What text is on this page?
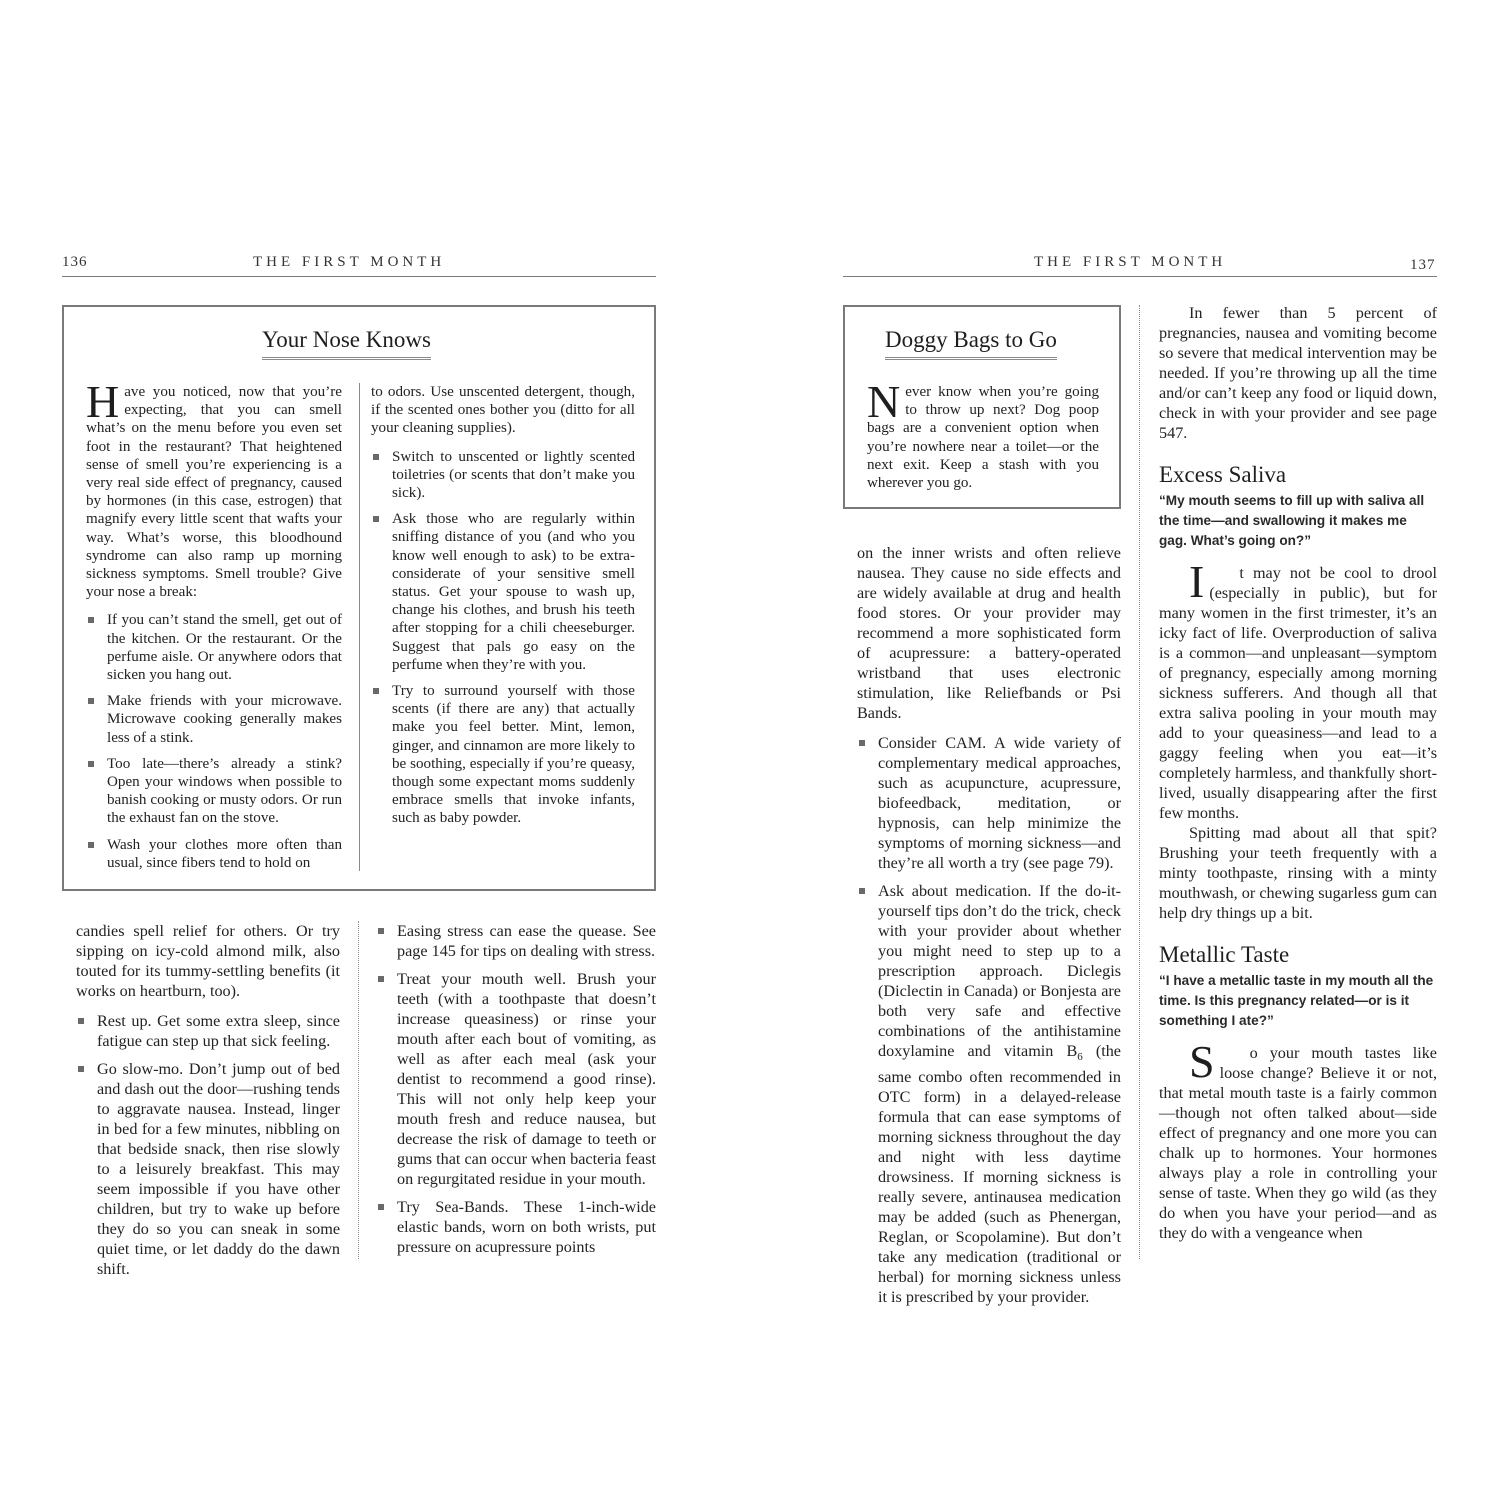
136	THE FIRST MONTH
Your Nose Knows

Have you noticed, now that you’re expecting, that you can smell what’s on the menu before you even set foot in the restaurant? That heightened sense of smell you’re experiencing is a very real side effect of pregnancy, caused by hormones (in this case, estrogen) that magnify every little scent that wafts your way. What’s worse, this bloodhound syndrome can also ramp up morning sickness symptoms. Smell trouble? Give your nose a break:

If you can’t stand the smell, get out of the kitchen. Or the restaurant. Or the perfume aisle. Or anywhere odors that sicken you hang out.
Make friends with your microwave. Microwave cooking generally makes less of a stink.
Too late—there’s already a stink? Open your windows when possible to banish cooking or musty odors. Or run the exhaust fan on the stove.
Wash your clothes more often than usual, since fibers tend to hold on

to odors. Use unscented detergent, though, if the scented ones bother you (ditto for all your cleaning supplies).

Switch to unscented or lightly scented toiletries (or scents that don’t make you sick).
Ask those who are regularly within sniffing distance of you (and who you know well enough to ask) to be extra-considerate of your sensitive smell status. Get your spouse to wash up, change his clothes, and brush his teeth after stopping for a chili cheeseburger. Suggest that pals go easy on the perfume when they’re with you.
Try to surround yourself with those scents (if there are any) that actually make you feel better. Mint, lemon, ginger, and cinnamon are more likely to be soothing, especially if you’re queasy, though some expectant moms suddenly embrace smells that invoke infants, such as baby powder.

candies spell relief for others. Or try sipping on icy-cold almond milk, also touted for its tummy-settling benefits (it works on heartburn, too).

Rest up. Get some extra sleep, since fatigue can step up that sick feeling.
Go slow-mo. Don’t jump out of bed and dash out the door—rushing tends to aggravate nausea. Instead, linger in bed for a few minutes, nibbling on that bedside snack, then rise slowly to a leisurely breakfast. This may seem impossible if you have other children, but try to wake up before they do so you can sneak in some quiet time, or let daddy do the dawn shift.
Easing stress can ease the quease. See page 145 for tips on dealing with stress.
Treat your mouth well. Brush your teeth (with a toothpaste that doesn’t increase queasiness) or rinse your mouth after each bout of vomiting, as well as after each meal (ask your dentist to recommend a good rinse). This will not only help keep your mouth fresh and reduce nausea, but decrease the risk of damage to teeth or gums that can occur when bacteria feast on regurgitated residue in your mouth.
Try Sea-Bands. These 1-inch-wide elastic bands, worn on both wrists, put pressure on acupressure points
THE FIRST MONTH	137
Doggy Bags to Go

Never know when you’re going to throw up next? Dog poop bags are a convenient option when you’re nowhere near a toilet—or the next exit. Keep a stash with you wherever you go.

on the inner wrists and often relieve nausea. They cause no side effects and are widely available at drug and health food stores. Or your provider may recommend a more sophisticated form of acupressure: a battery-operated wristband that uses electronic stimulation, like Reliefbands or Psi Bands.

Consider CAM. A wide variety of complementary medical approaches, such as acupuncture, acupressure, biofeedback, meditation, or hypnosis, can help minimize the symptoms of morning sickness—and they’re all worth a try (see page 79).
Ask about medication. If the do-it-yourself tips don’t do the trick, check with your provider about whether you might need to step up to a prescription approach. Diclegis (Diclectin in Canada) or Bonjesta are both very safe and effective combinations of the antihistamine doxylamine and vitamin $B_6$ (the same combo often recommended in OTC form) in a delayed-release formula that can ease symptoms of morning sickness throughout the day and night with less daytime drowsiness. If morning sickness is really severe, antinausea medication may be added (such as Phenergan, Reglan, or Scopolamine). But don’t take any medication (traditional or herbal) for morning sickness unless it is prescribed by your provider.

In fewer than 5 percent of pregnancies, nausea and vomiting become so severe that medical intervention may be needed. If you’re throwing up all the time and/or can’t keep any food or liquid down, check in with your provider and see page 547.

Excess Saliva

“My mouth seems to fill up with saliva all the time—and swallowing it makes me gag. What’s going on?”

I t may not be cool to drool (especially in public), but for many women in the first trimester, it’s an icky fact of life. Overproduction of saliva is a common—and unpleasant—symptom of pregnancy, especially among morning sickness sufferers. And though all that extra saliva pooling in your mouth may add to your queasiness—and lead to a gaggy feeling when you eat—it’s completely harmless, and thankfully short-lived, usually disappearing after the first few months.

Spitting mad about all that spit? Brushing your teeth frequently with a minty toothpaste, rinsing with a minty mouthwash, or chewing sugarless gum can help dry things up a bit.

Metallic Taste

“I have a metallic taste in my mouth all the time. Is this pregnancy related—or is it something I ate?”

S o your mouth tastes like loose change? Believe it or not, that metal mouth taste is a fairly common—though not often talked about—side effect of pregnancy and one more you can chalk up to hormones. Your hormones always play a role in controlling your sense of taste. When they go wild (as they do when you have your period—and as they do with a vengeance when
